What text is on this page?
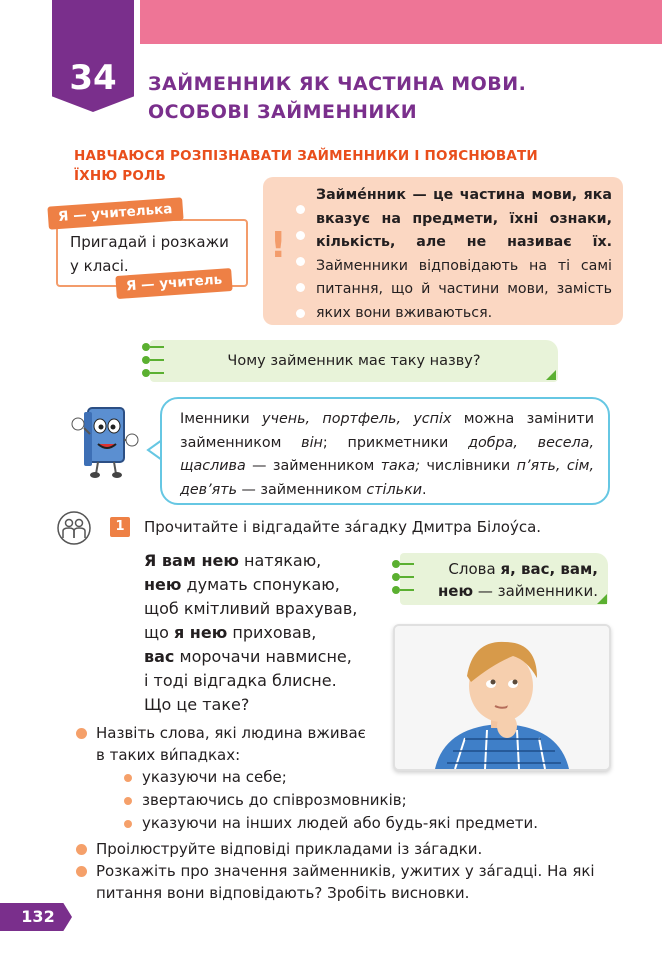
34	ЗАЙМЕННИК ЯК ЧАСТИНА МОВИ.
ОСОБОВІ ЗАЙМЕННИКИ
НАВЧАЮСЯ РОЗПІЗНАВАТИ ЗАЙМЕННИКИ І ПОЯСНЮВАТИ
ЇХНЮ РОЛЬ
Пригадай і розкажи
у класі.
Я — учителька
Я — учитель
!
Займе́нник — це частина мови, яка вказує на предмети, їхні ознаки, кількість, але не називає їх. Займенники відповідають на ті самі питання, що й частини мови, замість яких вони вживаються.
Чому займенник має таку назву?
Іменники учень, портфель, успіх можна замінити займенником він; прикметники добра, весела, щаслива — займенником така; числівники п’ять, сім, дев’ять — займенником стільки.
1	Прочитайте і відгадайте за́гадку Дмитра Білоу́са.
Я вам нею натякаю,
нею думать спонукаю,
щоб кмітливий врахував,
що я нею приховав,
вас морочачи навмисне,
і тоді відгадка блисне.
Що це таке?
Слова я, вас, вам,
нею — займенники.
Назвіть слова, які людина вживає
в таких ви́падках:
указуючи на себе;
звертаючись до співрозмовників;
указуючи на інших людей або будь-які предмети.
Проілюструйте відповіді прикладами із за́гадки.
Розкажіть про значення займенників, ужитих у за́гадці. На які
питання вони відповідають? Зробіть висновки.
132
